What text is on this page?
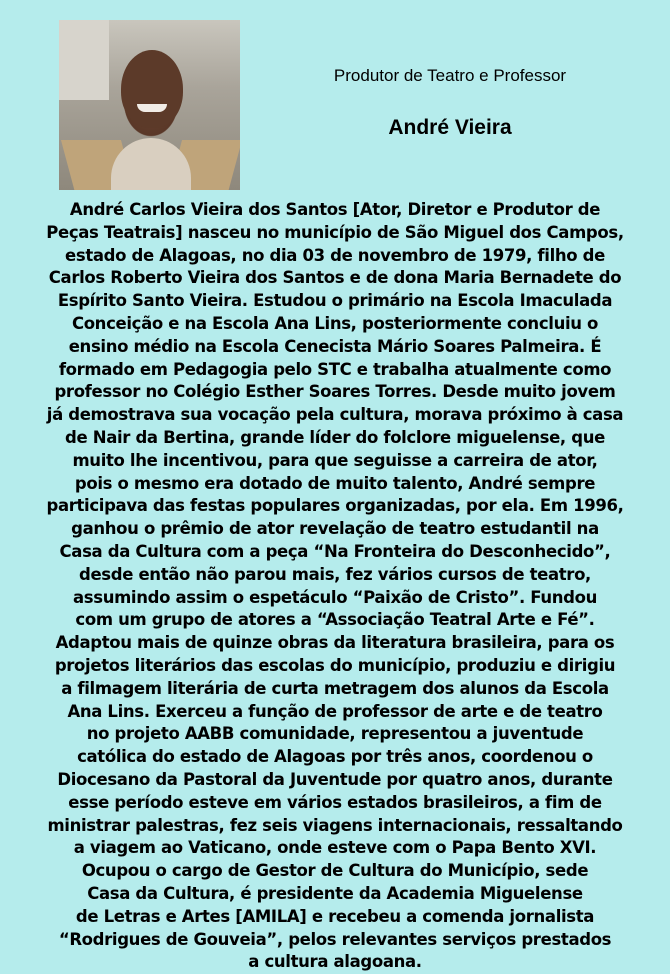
Produtor de Teatro e Professor

André Vieira

André Carlos Vieira dos Santos [Ator, Diretor e Produtor de
Peças Teatrais] nasceu no município de São Miguel dos Campos,
estado de Alagoas, no dia 03 de novembro de 1979, filho de
Carlos Roberto Vieira dos Santos e de dona Maria Bernadete do
Espírito Santo Vieira. Estudou o primário na Escola Imaculada
Conceição e na Escola Ana Lins, posteriormente concluiu o
ensino médio na Escola Cenecista Mário Soares Palmeira. É
formado em Pedagogia pelo STC e trabalha atualmente como
professor no Colégio Esther Soares Torres. Desde muito jovem
já demostrava sua vocação pela cultura, morava próximo à casa
de Nair da Bertina, grande líder do folclore miguelense, que
muito lhe incentivou, para que seguisse a carreira de ator,
pois o mesmo era dotado de muito talento, André sempre
participava das festas populares organizadas, por ela. Em 1996,
ganhou o prêmio de ator revelação de teatro estudantil na
Casa da Cultura com a peça “Na Fronteira do Desconhecido”,
desde então não parou mais, fez vários cursos de teatro,
assumindo assim o espetáculo “Paixão de Cristo”. Fundou
com um grupo de atores a “Associação Teatral Arte e Fé”.
Adaptou mais de quinze obras da literatura brasileira, para os
projetos literários das escolas do município, produziu e dirigiu
a filmagem literária de curta metragem dos alunos da Escola
Ana Lins. Exerceu a função de professor de arte e de teatro
no projeto AABB comunidade, representou a juventude
católica do estado de Alagoas por três anos, coordenou o
Diocesano da Pastoral da Juventude por quatro anos, durante
esse período esteve em vários estados brasileiros, a fim de
ministrar palestras, fez seis viagens internacionais, ressaltando
a viagem ao Vaticano, onde esteve com o Papa Bento XVI.
Ocupou o cargo de Gestor de Cultura do Município, sede
Casa da Cultura, é presidente da Academia Miguelense
de Letras e Artes [AMILA] e recebeu a comenda jornalista
“Rodrigues de Gouveia”, pelos relevantes serviços prestados
a cultura alagoana.
